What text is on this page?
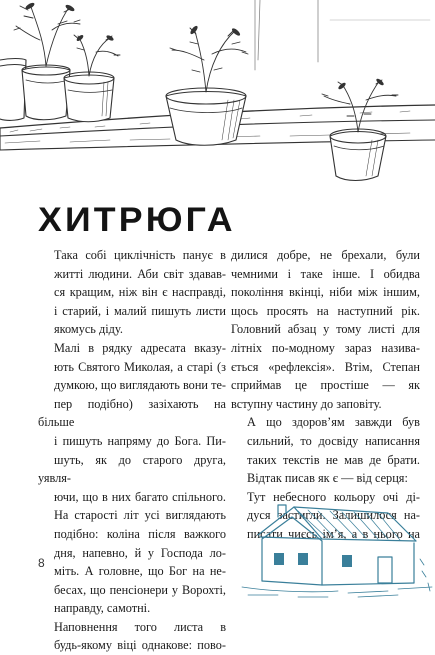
ХИТРЮГА

Така собі циклічність панує в
житті людини. Аби світ здавав-
ся кращим, ніж він є насправді,
і старий, і малий пишуть листи
якомусь діду.

Малі в рядку адресата вказу-
ють Святого Миколая, а старі (з
думкою, що виглядають вони те-
пер подібно) зазіхають на більше
і пишуть напряму до Бога. Пи-
шуть, як до старого друга, уявля-
ючи, що в них багато спільного.
На старості літ усі виглядають
подібно: коліна після важкого
дня, напевно, й у Господа ло-
міть. А головне, що Бог на не-
бесах, що пенсіонери у Ворохті,
направду, самотні.

Наповнення того листа в
будь-якому віці однакове: пово-

дилися добре, не брехали, були
чемними і таке інше. І обидва
покоління вкінці, ніби між іншим,
щось просять на наступний рік.
Головний абзац у тому листі для
літніх по-модному зараз назива-
ється «рефлексія». Втім, Степан
сприймав це простіше — як
вступну частину до заповіту.

А що здоров’ям завжди був
сильний, то досвіду написання
таких текстів не мав де брати.
Відтак писав як є — від серця:

Тут небесного кольору очі ді-
дуся застигли. Залишилося на-
писати чиєсь ім’я, а в нього на

8
